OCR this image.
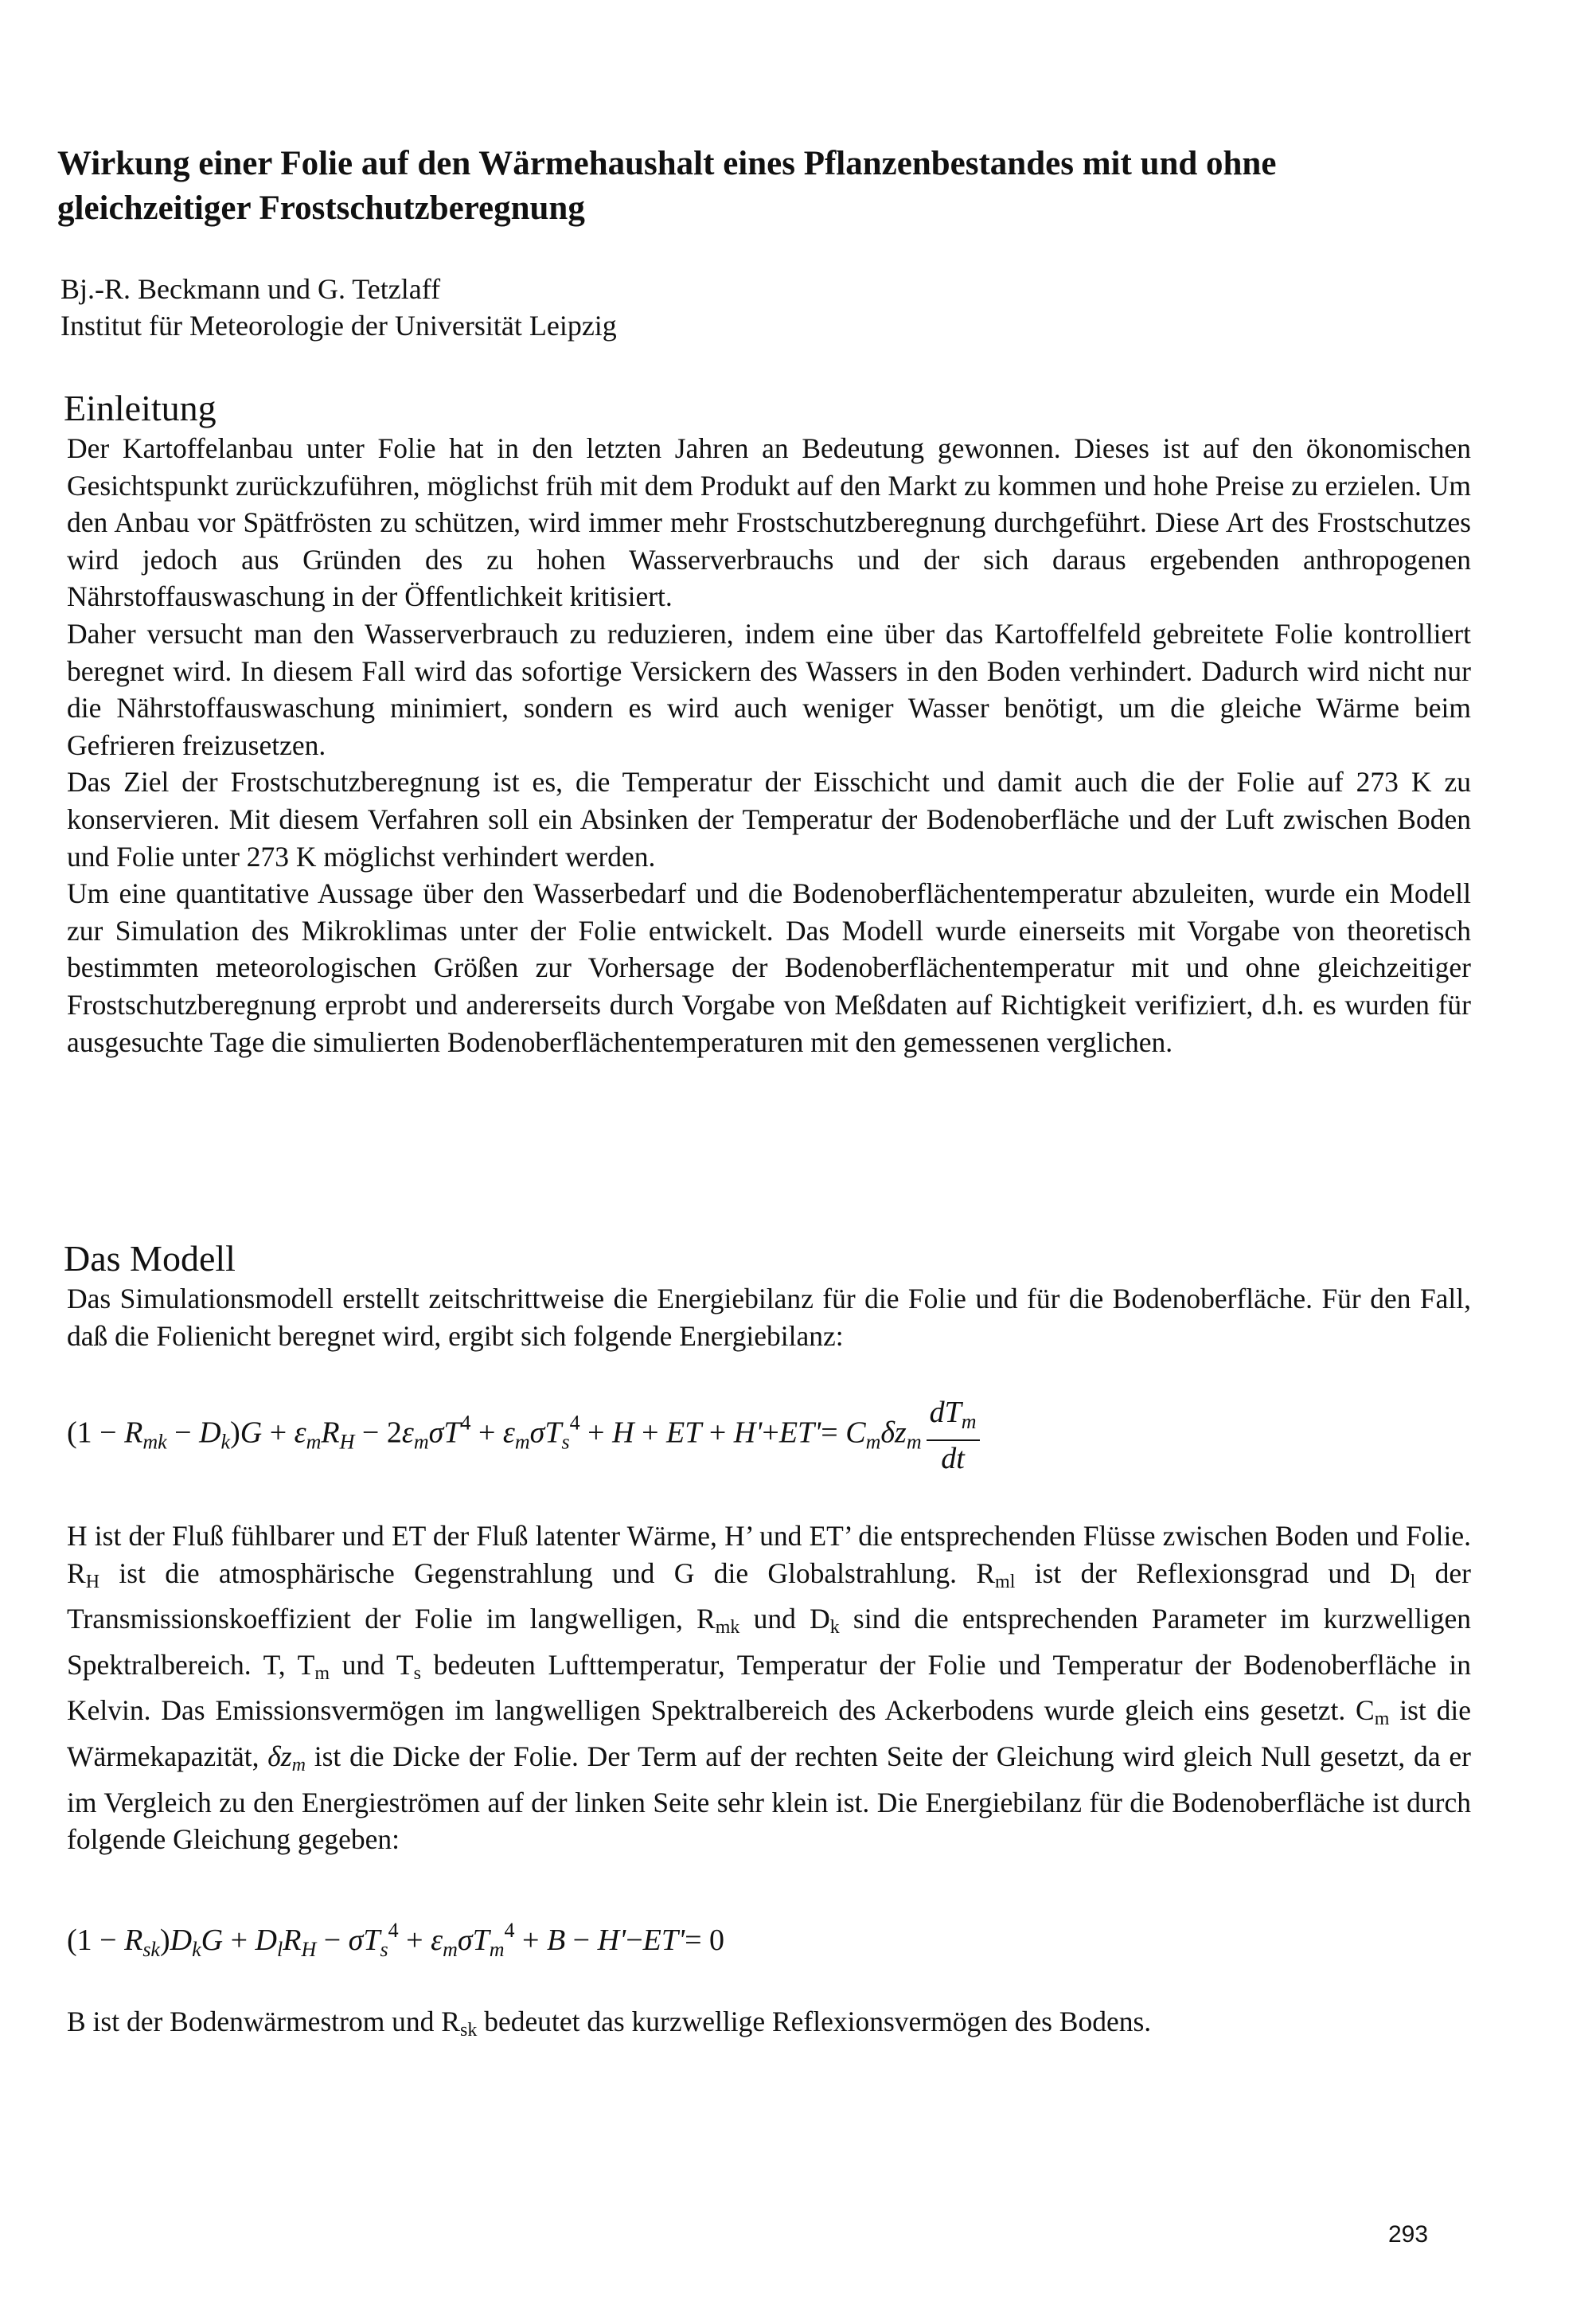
Wirkung einer Folie auf den Wärmehaushalt eines Pflanzenbestandes mit und ohne gleichzeitiger Frostschutzberegnung
Bj.-R. Beckmann und G. Tetzlaff
Institut für Meteorologie der Universität Leipzig
Einleitung

Der Kartoffelanbau unter Folie hat in den letzten Jahren an Bedeutung gewonnen. Dieses ist auf den ökonomischen Gesichtspunkt zurückzuführen, möglichst früh mit dem Produkt auf den Markt zu kommen und hohe Preise zu erzielen. Um den Anbau vor Spätfrösten zu schützen, wird immer mehr Frostschutzberegnung durchgeführt. Diese Art des Frostschutzes wird jedoch aus Gründen des zu hohen Wasserverbrauchs und der sich daraus ergebenden anthropogenen Nährstoffauswaschung in der Öffentlichkeit kritisiert.

Daher versucht man den Wasserverbrauch zu reduzieren, indem eine über das Kartoffelfeld gebreitete Folie kontrolliert beregnet wird. In diesem Fall wird das sofortige Versickern des Wassers in den Boden verhindert. Dadurch wird nicht nur die Nährstoffauswaschung minimiert, sondern es wird auch weniger Wasser benötigt, um die gleiche Wärme beim Gefrieren freizusetzen.

Das Ziel der Frostschutzberegnung ist es, die Temperatur der Eisschicht und damit auch die der Folie auf 273 K zu konservieren. Mit diesem Verfahren soll ein Absinken der Temperatur der Bodenoberfläche und der Luft zwischen Boden und Folie unter 273 K möglichst verhindert werden.

Um eine quantitative Aussage über den Wasserbedarf und die Bodenoberflächentemperatur abzuleiten, wurde ein Modell zur Simulation des Mikroklimas unter der Folie entwickelt. Das Modell wurde einerseits mit Vorgabe von theoretisch bestimmten meteorologischen Größen zur Vorhersage der Bodenoberflächentemperatur mit und ohne gleichzeitiger Frostschutzberegnung erprobt und andererseits durch Vorgabe von Meßdaten auf Richtigkeit verifiziert, d.h. es wurden für ausgesuchte Tage die simulierten Bodenoberflächentemperaturen mit den gemessenen verglichen.

Das Modell
Das Simulationsmodell erstellt zeitschrittweise die Energiebilanz für die Folie und für die Bodenoberfläche. Für den Fall, daß die Folienicht beregnet wird, ergibt sich folgende Energiebilanz:
$(1 - R_{mk} - D_k)G + \varepsilon_mR_H - 2\varepsilon_m\sigma T^4 + \varepsilon_m\sigma T_s^4 + H$ + ET + $H'+ET'= C_m\delta z_m \frac{dT_m}{dt}$
H ist der Fluß fühlbarer und ET der Fluß latenter Wärme, H’ und ET’ die entsprechenden Flüsse zwischen Boden und Folie. RH ist die atmosphärische Gegenstrahlung und G die Globalstrahlung. Rml ist der Reflexionsgrad und Dl der Transmissionskoeffizient der Folie im langwelligen, Rmk und Dk sind die entsprechenden Parameter im kurzwelligen Spektralbereich. T, Tm und Ts bedeuten Lufttemperatur, Temperatur der Folie und Temperatur der Bodenoberfläche in Kelvin. Das Emissionsvermögen im langwelligen Spektralbereich des Ackerbodens wurde gleich eins gesetzt. Cm ist die Wärmekapazität, δzm ist die Dicke der Folie. Der Term auf der rechten Seite der Gleichung wird gleich Null gesetzt, da er im Vergleich zu den Energieströmen auf der linken Seite sehr klein ist. Die Energiebilanz für die Bodenoberfläche ist durch folgende Gleichung gegeben:
$(1 - R_{sk})D_kG + D_lR_H - \sigma T_s^4 + \varepsilon_m\sigma T_m^4 + B - H'-ET'= 0$
B ist der Bodenwärmestrom und Rsk bedeutet das kurzwellige Reflexionsvermögen des Bodens.
293
